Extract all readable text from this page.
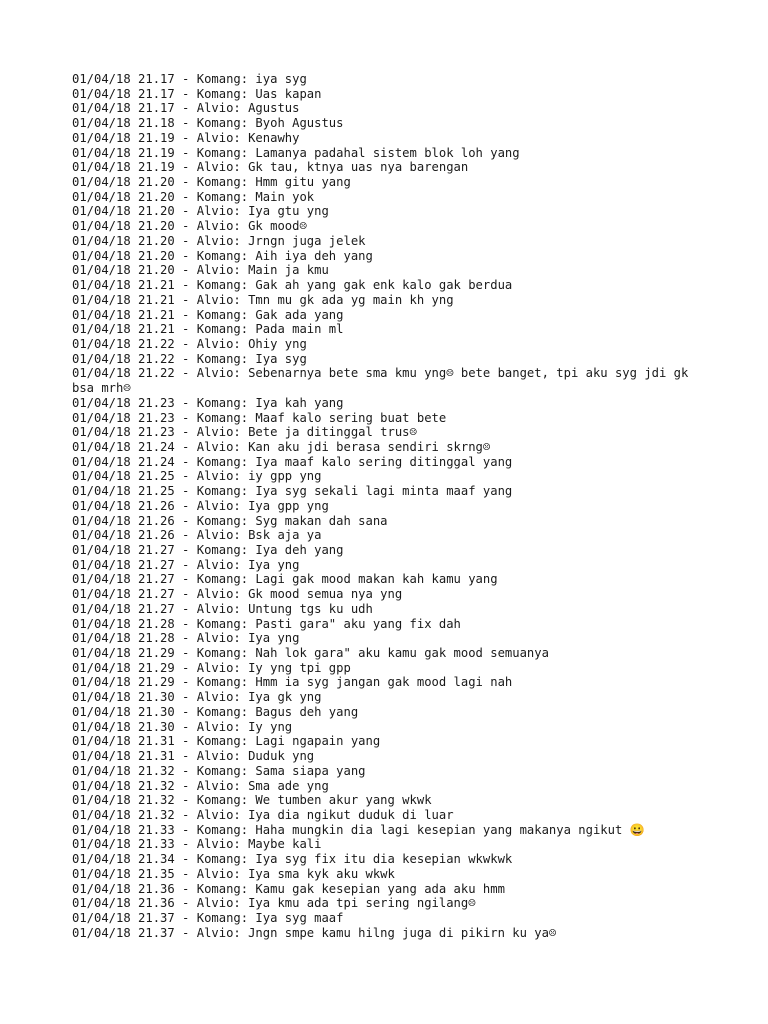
01/04/18 21.17 - Komang: iya syg
01/04/18 21.17 - Komang: Uas kapan
01/04/18 21.17 - Alvio: Agustus
01/04/18 21.18 - Komang: Byoh Agustus
01/04/18 21.19 - Alvio: Kenawhy
01/04/18 21.19 - Komang: Lamanya padahal sistem blok loh yang
01/04/18 21.19 - Alvio: Gk tau, ktnya uas nya barengan
01/04/18 21.20 - Komang: Hmm gitu yang
01/04/18 21.20 - Komang: Main yok
01/04/18 21.20 - Alvio: Iya gtu yng
01/04/18 21.20 - Alvio: Gk mood☹
01/04/18 21.20 - Alvio: Jrngn juga jelek
01/04/18 21.20 - Komang: Aih iya deh yang
01/04/18 21.20 - Alvio: Main ja kmu
01/04/18 21.21 - Komang: Gak ah yang gak enk kalo gak berdua
01/04/18 21.21 - Alvio: Tmn mu gk ada yg main kh yng
01/04/18 21.21 - Komang: Gak ada yang
01/04/18 21.21 - Komang: Pada main ml
01/04/18 21.22 - Alvio: Ohiy yng
01/04/18 21.22 - Komang: Iya syg
01/04/18 21.22 - Alvio: Sebenarnya bete sma kmu yng☹ bete banget, tpi aku syg jdi gk bsa mrh☹
01/04/18 21.23 - Komang: Iya kah yang
01/04/18 21.23 - Komang: Maaf kalo sering buat bete
01/04/18 21.23 - Alvio: Bete ja ditinggal trus☹
01/04/18 21.24 - Alvio: Kan aku jdi berasa sendiri skrng☹
01/04/18 21.24 - Komang: Iya maaf kalo sering ditinggal yang
01/04/18 21.25 - Alvio: iy gpp yng
01/04/18 21.25 - Komang: Iya syg sekali lagi minta maaf yang
01/04/18 21.26 - Alvio: Iya gpp yng
01/04/18 21.26 - Komang: Syg makan dah sana
01/04/18 21.26 - Alvio: Bsk aja ya
01/04/18 21.27 - Komang: Iya deh yang
01/04/18 21.27 - Alvio: Iya yng
01/04/18 21.27 - Komang: Lagi gak mood makan kah kamu yang
01/04/18 21.27 - Alvio: Gk mood semua nya yng
01/04/18 21.27 - Alvio: Untung tgs ku udh
01/04/18 21.28 - Komang: Pasti gara" aku yang fix dah
01/04/18 21.28 - Alvio: Iya yng
01/04/18 21.29 - Komang: Nah lok gara" aku kamu gak mood semuanya
01/04/18 21.29 - Alvio: Iy yng tpi gpp
01/04/18 21.29 - Komang: Hmm ia syg jangan gak mood lagi nah
01/04/18 21.30 - Alvio: Iya gk yng
01/04/18 21.30 - Komang: Bagus deh yang
01/04/18 21.30 - Alvio: Iy yng
01/04/18 21.31 - Komang: Lagi ngapain yang
01/04/18 21.31 - Alvio: Duduk yng
01/04/18 21.32 - Komang: Sama siapa yang
01/04/18 21.32 - Alvio: Sma ade yng
01/04/18 21.32 - Komang: We tumben akur yang wkwk
01/04/18 21.32 - Alvio: Iya dia ngikut duduk di luar
01/04/18 21.33 - Komang: Haha mungkin dia lagi kesepian yang makanya ngikut 😀
01/04/18 21.33 - Alvio: Maybe kali
01/04/18 21.34 - Komang: Iya syg fix itu dia kesepian wkwkwk
01/04/18 21.35 - Alvio: Iya sma kyk aku wkwk
01/04/18 21.36 - Komang: Kamu gak kesepian yang ada aku hmm
01/04/18 21.36 - Alvio: Iya kmu ada tpi sering ngilang☹
01/04/18 21.37 - Komang: Iya syg maaf
01/04/18 21.37 - Alvio: Jngn smpe kamu hilng juga di pikirn ku ya☹
